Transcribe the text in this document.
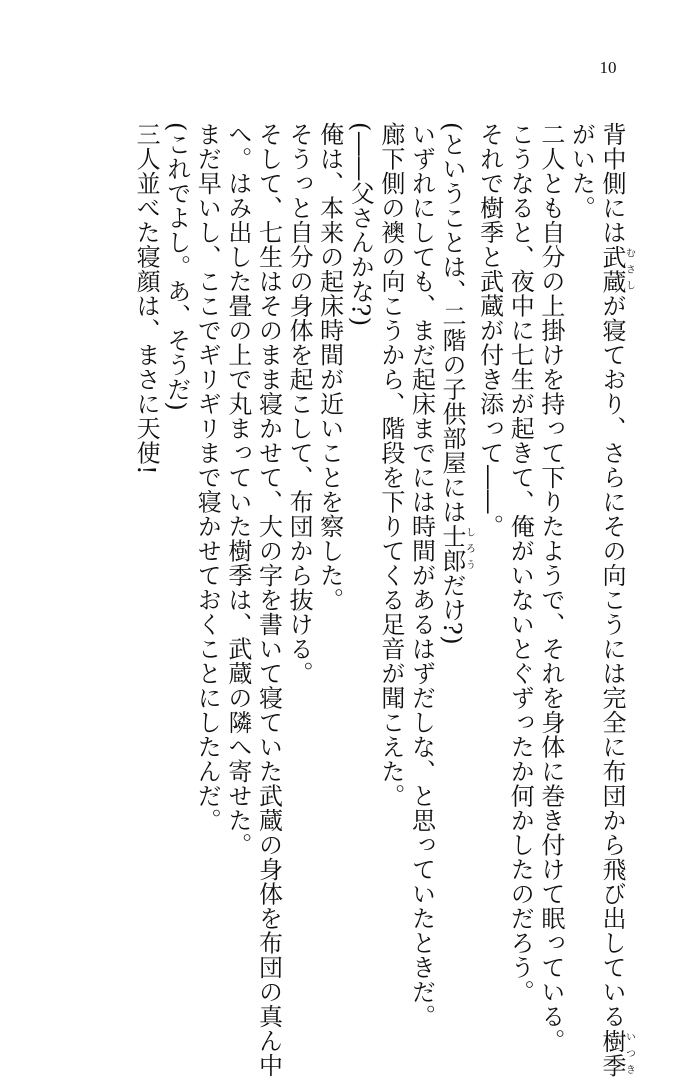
10
背中側には武蔵むさしが寝ており、さらにその向こうには完全に布団から飛び出している樹季いつき
がいた。
二人とも自分の上掛けを持って下りたようで、それを身体に巻き付けて眠っている。
こうなると、夜中に七生が起きて、俺がいないとぐずったか何かしたのだろう。
それで樹季と武蔵が付き添って――。
(ということは、二階の子供部屋には士郎しろうだけ?)
いずれにしても、まだ起床までには時間があるはずだしな、と思っていたときだ。
廊下側の襖の向こうから、階段を下りてくる足音が聞こえた。
(――父さんかな?)
俺は、本来の起床時間が近いことを察した。
そうっと自分の身体を起こして、布団から抜ける。
そして、七生はそのまま寝かせて、大の字を書いて寝ていた武蔵の身体を布団の真ん中
へ。はみ出した畳の上で丸まっていた樹季は、武蔵の隣へ寄せた。
まだ早いし、ここでギリギリまで寝かせておくことにしたんだ。
(これでよし。あ、そうだ)
三人並べた寝顔は、まさに天使!
